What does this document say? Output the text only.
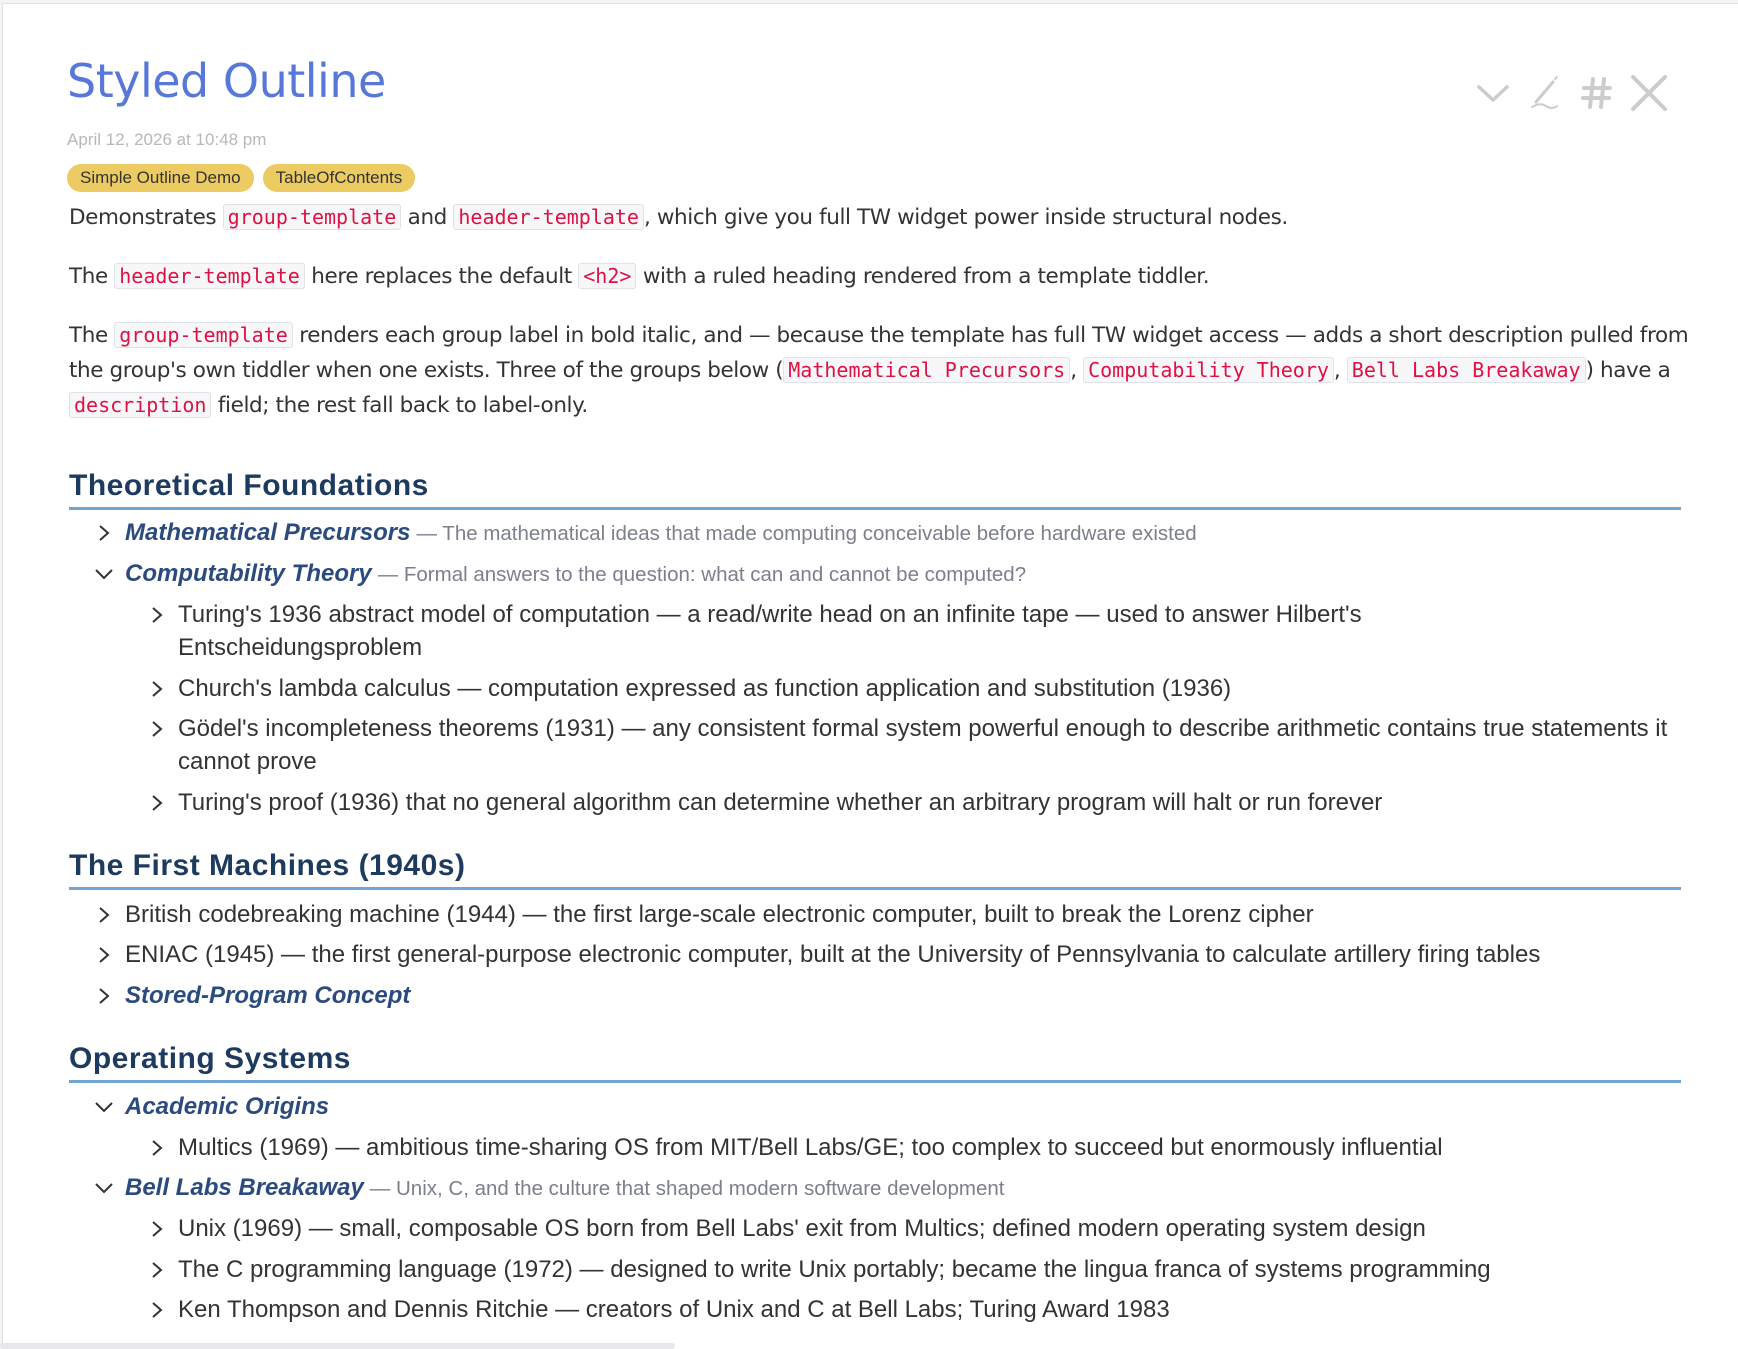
Styled Outline
April 12, 2026 at 10:48 pm
Simple Outline Demo	TableOfContents

Demonstrates group-template and header-template , which give you full TW widget power inside structural nodes.

The header-template here replaces the default <h2> with a ruled heading rendered from a template tiddler.

The group-template renders each group label in bold italic, and — because the template has full TW widget access — adds a short description pulled from the group's own tiddler when one exists. Three of the groups below ( Mathematical Precursors , Computability Theory , Bell Labs Breakaway ) have a description field; the rest fall back to label-only.

Theoretical Foundations
Mathematical Precursors — The mathematical ideas that made computing conceivable before hardware existed
Computability Theory — Formal answers to the question: what can and cannot be computed?
Turing's 1936 abstract model of computation — a read/write head on an infinite tape — used to answer Hilbert's Entscheidungsproblem
Church's lambda calculus — computation expressed as function application and substitution (1936)
Gödel's incompleteness theorems (1931) — any consistent formal system powerful enough to describe arithmetic contains true statements it cannot prove
Turing's proof (1936) that no general algorithm can determine whether an arbitrary program will halt or run forever
The First Machines (1940s)
British codebreaking machine (1944) — the first large-scale electronic computer, built to break the Lorenz cipher
ENIAC (1945) — the first general-purpose electronic computer, built at the University of Pennsylvania to calculate artillery firing tables
Stored-Program Concept
Operating Systems
Academic Origins
Multics (1969) — ambitious time-sharing OS from MIT/Bell Labs/GE; too complex to succeed but enormously influential
Bell Labs Breakaway — Unix, C, and the culture that shaped modern software development
Unix (1969) — small, composable OS born from Bell Labs' exit from Multics; defined modern operating system design
The C programming language (1972) — designed to write Unix portably; became the lingua franca of systems programming
Ken Thompson and Dennis Ritchie — creators of Unix and C at Bell Labs; Turing Award 1983
